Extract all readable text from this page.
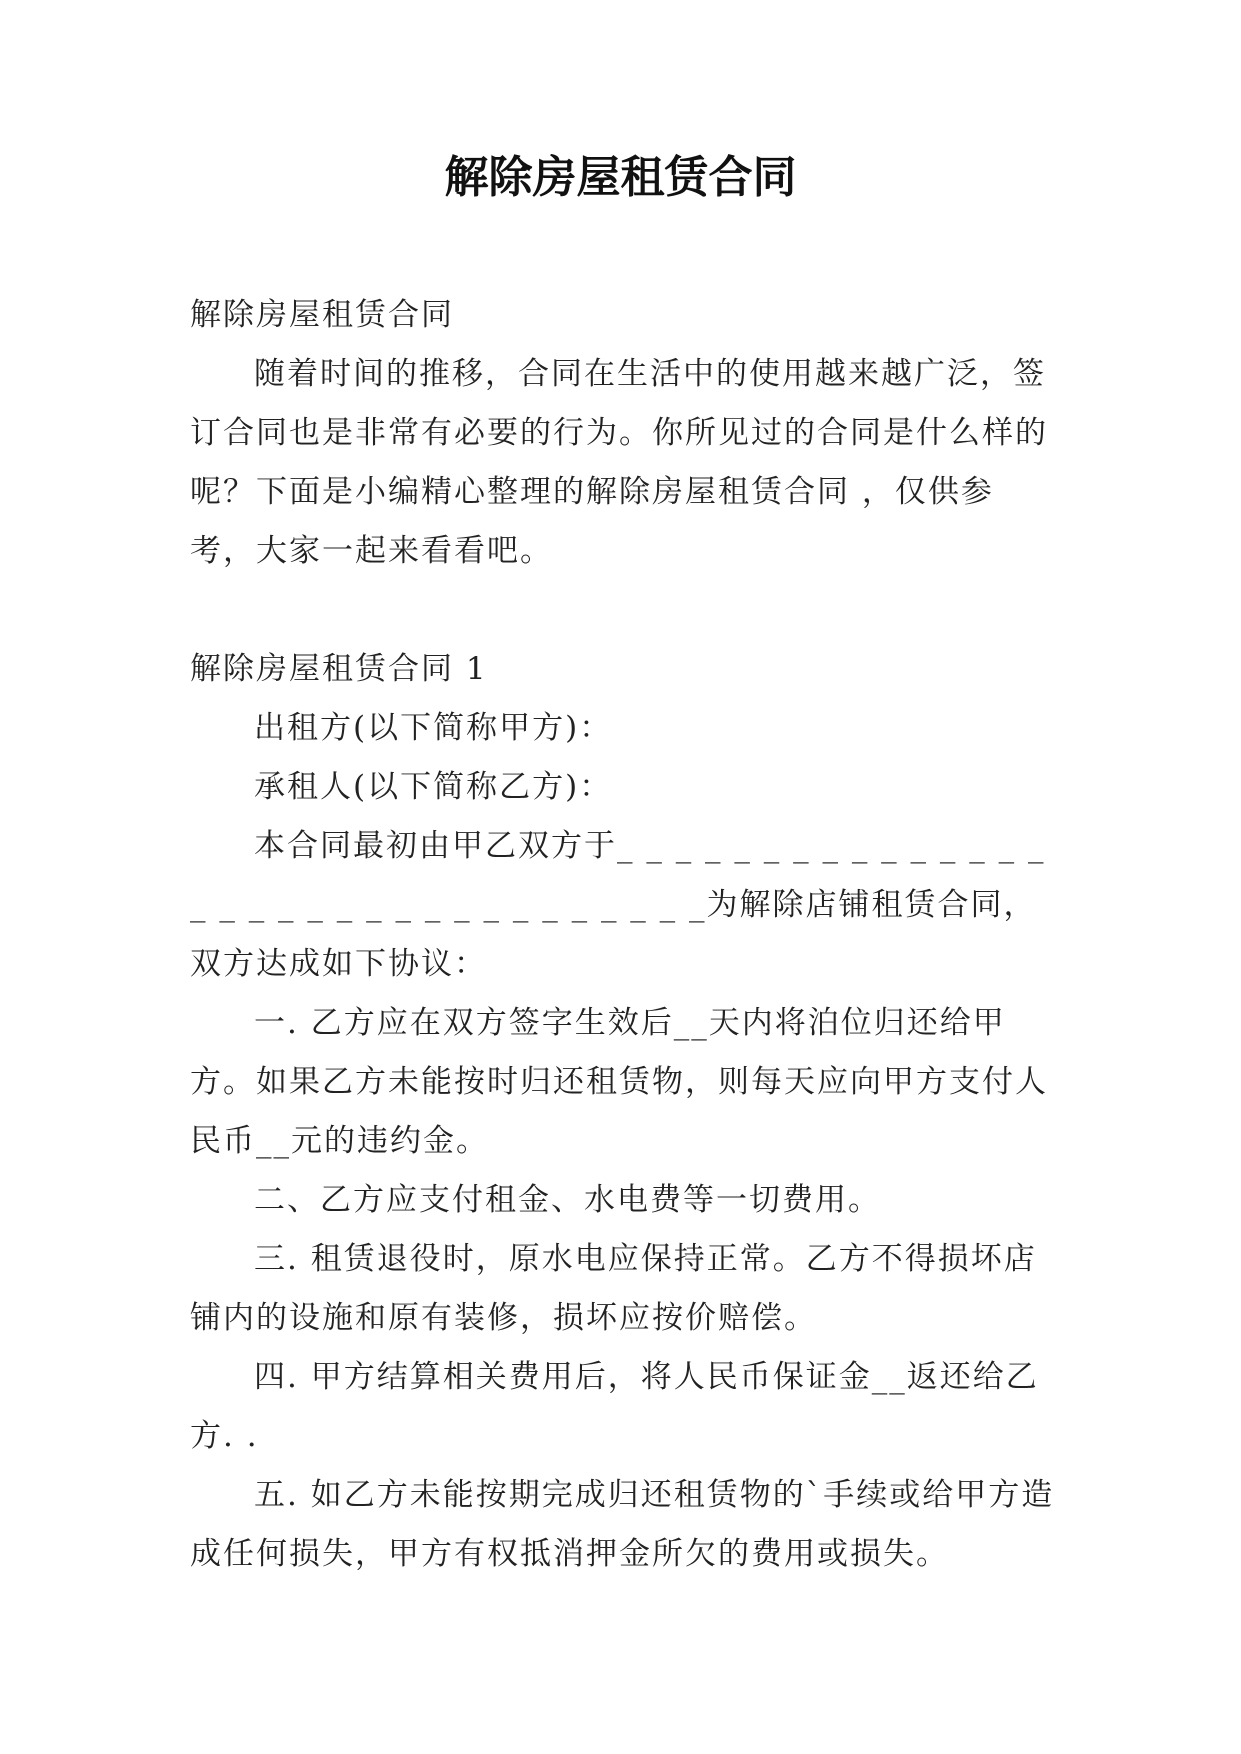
解除房屋租赁合同

解除房屋租赁合同

随着时间的推移，合同在生活中的使用越来越广泛，签订合同也是非常有必要的行为。你所见过的合同是什么样的呢？下面是小编精心整理的解除房屋租赁合同 ，仅供参考，大家一起来看看吧。

解除房屋租赁合同 1

出租方(以下简称甲方)：

承租人(以下简称乙方)：

本合同最初由甲乙双方于_ _ _ _ _ _ _ _ _ _ _ _ _ _ _ _ _ _ _ _ _ _ _ _ _ _ _ _ _ _ _ _ _为解除店铺租赁合同，双方达成如下协议：

一. 乙方应在双方签字生效后__天内将泊位归还给甲方。如果乙方未能按时归还租赁物，则每天应向甲方支付人民币__元的违约金。

二、乙方应支付租金、水电费等一切费用。

三. 租赁退役时，原水电应保持正常。乙方不得损坏店铺内的设施和原有装修，损坏应按价赔偿。

四. 甲方结算相关费用后，将人民币保证金__返还给乙方. .

五. 如乙方未能按期完成归还租赁物的`手续或给甲方造成任何损失，甲方有权抵消押金所欠的费用或损失。
